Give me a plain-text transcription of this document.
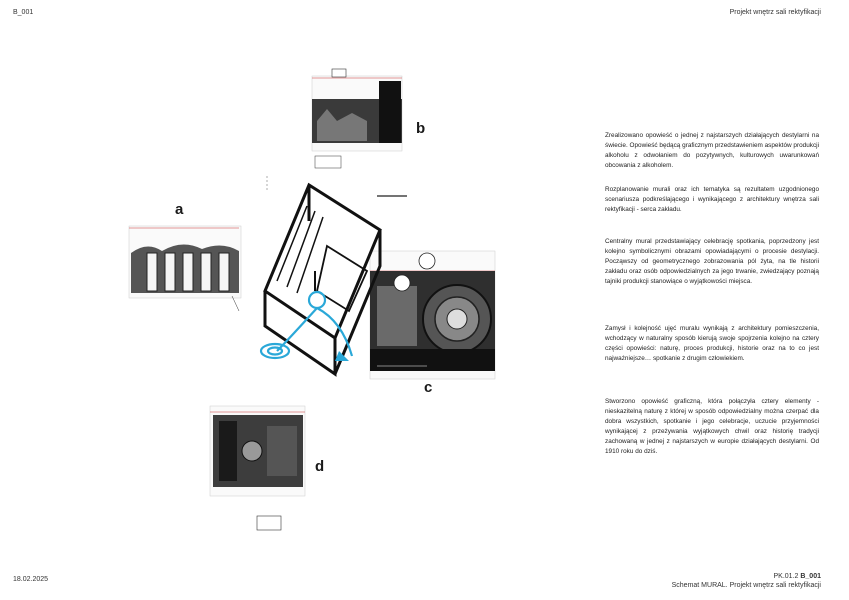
B_001	Projekt wnętrz sali rektyfikacji
a
b
c
d

Zrealizowano opowieść o jednej z najstarszych działających destylarni na świecie. Opowieść będącą graficznym przedstawieniem aspektów produkcji alkoholu z odwołaniem do pozytywnych, kulturowych uwarunkowań obcowania z alkoholem.

Rozplanowanie murali oraz ich tematyka są rezultatem uzgodnionego scenariusza podkreślającego i wynikającego z architektury wnętrza sali rektyfikacji - serca zakładu.

Centralny mural przedstawiający celebrację spotkania, poprzedzony jest kolejno symbolicznymi obrazami opowiadającymi o procesie destylacji. Począwszy od geometrycznego zobrazowania pól żyta, na tle historii zakładu oraz osób odpowiedzialnych za jego trwanie, zwiedzający poznają tajniki produkcji stanowiące o wyjątkowości miejsca.

Zamysł i kolejność ujęć muralu wynikają z architektury pomieszczenia, wchodzący w naturalny sposób kierują swoje spojrzenia kolejno na cztery części opowieści: naturę, proces produkcji, historie oraz na to co jest najważniejsze… spotkanie z drugim człowiekiem.

Stworzono opowieść graficzną, która połączyła cztery elementy - nieskazitelną naturę z której w sposób odpowiedzialny można czerpać dla dobra wszystkich, spotkanie i jego celebracje, uczucie przyjemności wynikającej z przeżywania wyjątkowych chwil oraz historię tradycji zachowaną w jednej z najstarszych w europie działających destylarni. Od 1910 roku do dziś.

18.02.2025	PK.01.2 B_001
Schemat MURAL. Projekt wnętrz sali rektyfikacji
